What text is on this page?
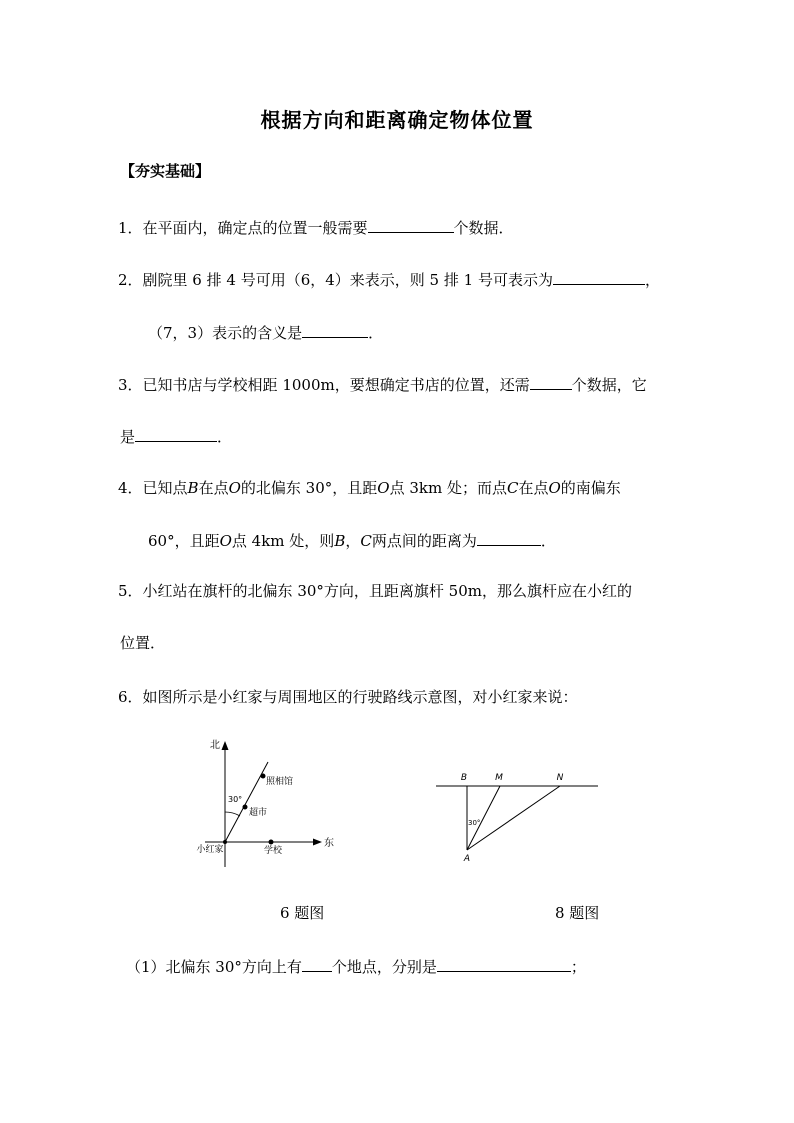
根据方向和距离确定物体位置
【夯实基础】
1．在平面内，确定点的位置一般需要	个数据．
2．剧院里 6 排 4 号可用（6，4）来表示，则 5 排 1 号可表示为	，
（7，3）表示的含义是	．
3．已知书店与学校相距 1000m，要想确定书店的位置，还需	个数据，它
是	．
4．已知点B在点O的北偏东 30°，且距O点 3km 处；而点C在点O的南偏东
60°，且距O点 4km 处，则B，C两点间的距离为	．
5．小红站在旗杆的北偏东 30°方向，且距离旗杆 50m，那么旗杆应在小红的
位置．
6．如图所示是小红家与周围地区的行驶路线示意图，对小红家来说：
北
东
小红家	学校
超市
照相馆
30°
B	M	N
A
30°
6 题图	8 题图
（1）北偏东 30°方向上有 个地点，分别是	；
